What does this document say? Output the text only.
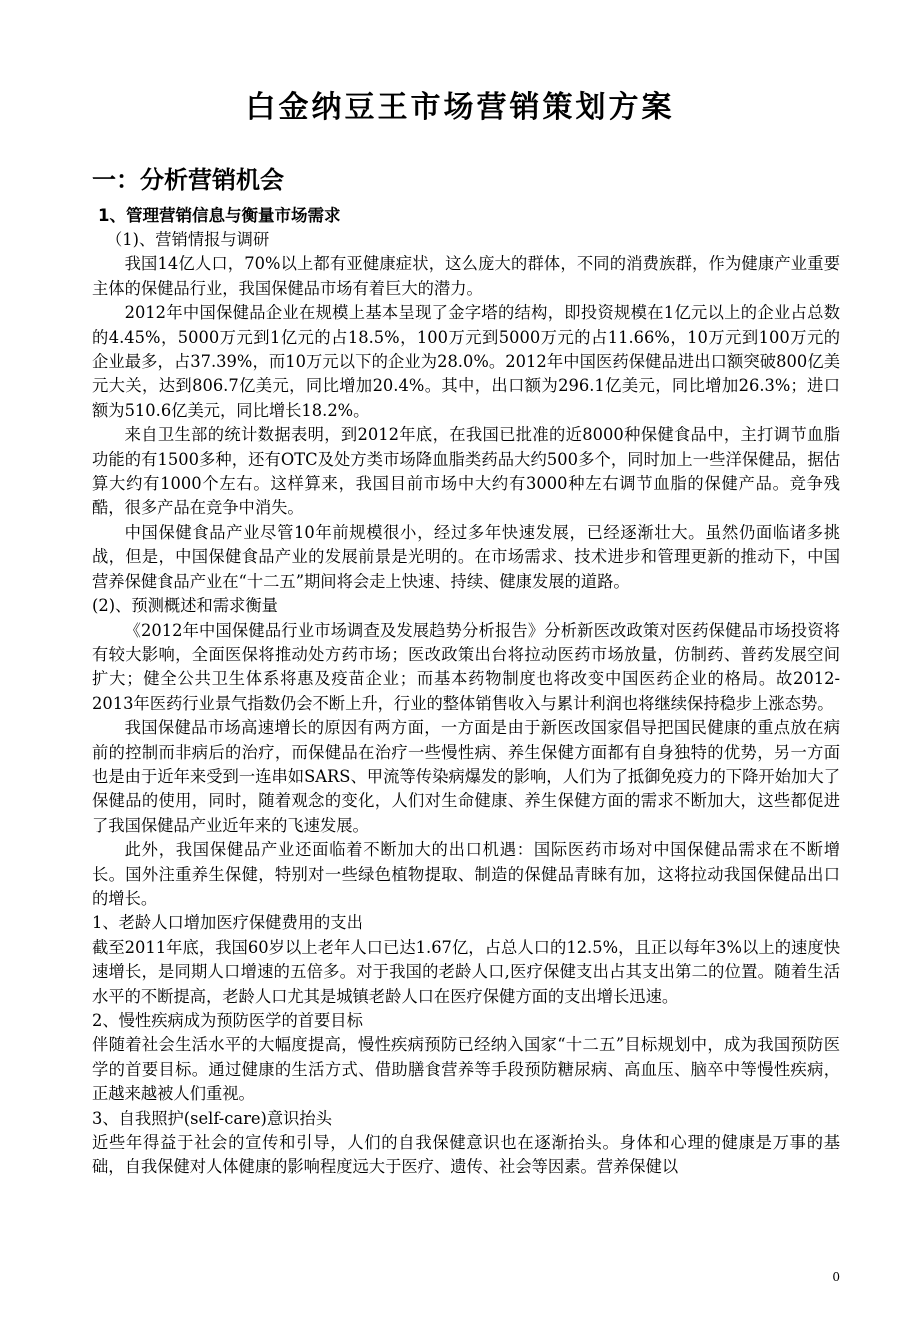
白金纳豆王市场营销策划方案
一：分析营销机会
1、管理营销信息与衡量市场需求

（1)、营销情报与调研

我国14亿人口，70%以上都有亚健康症状，这么庞大的群体，不同的消费族群，作为健康产业重要主体的保健品行业，我国保健品市场有着巨大的潜力。

2012年中国保健品企业在规模上基本呈现了金字塔的结构，即投资规模在1亿元以上的企业占总数的4.45%，5000万元到1亿元的占18.5%，100万元到5000万元的占11.66%，10万元到100万元的企业最多，占37.39%，而10万元以下的企业为28.0%。2012年中国医药保健品进出口额突破800亿美元大关，达到806.7亿美元，同比增加20.4%。其中，出口额为296.1亿美元，同比增加26.3%；进口额为510.6亿美元，同比增长18.2%。

来自卫生部的统计数据表明，到2012年底，在我国已批准的近8000种保健食品中，主打调节血脂功能的有1500多种，还有OTC及处方类市场降血脂类药品大约500多个，同时加上一些洋保健品，据估算大约有1000个左右。这样算来，我国目前市场中大约有3000种左右调节血脂的保健产品。竞争残酷，很多产品在竞争中消失。

中国保健食品产业尽管10年前规模很小，经过多年快速发展，已经逐渐壮大。虽然仍面临诸多挑战，但是，中国保健食品产业的发展前景是光明的。在市场需求、技术进步和管理更新的推动下，中国营养保健食品产业在“十二五”期间将会走上快速、持续、健康发展的道路。

(2)、预测概述和需求衡量

《2012年中国保健品行业市场调查及发展趋势分析报告》分析新医改政策对医药保健品市场投资将有较大影响，全面医保将推动处方药市场；医改政策出台将拉动医药市场放量，仿制药、普药发展空间扩大；健全公共卫生体系将惠及疫苗企业；而基本药物制度也将改变中国医药企业的格局。故2012-2013年医药行业景气指数仍会不断上升，行业的整体销售收入与累计利润也将继续保持稳步上涨态势。

我国保健品市场高速增长的原因有两方面，一方面是由于新医改国家倡导把国民健康的重点放在病前的控制而非病后的治疗，而保健品在治疗一些慢性病、养生保健方面都有自身独特的优势，另一方面也是由于近年来受到一连串如SARS、甲流等传染病爆发的影响，人们为了抵御免疫力的下降开始加大了保健品的使用，同时，随着观念的变化，人们对生命健康、养生保健方面的需求不断加大，这些都促进了我国保健品产业近年来的飞速发展。

此外，我国保健品产业还面临着不断加大的出口机遇：国际医药市场对中国保健品需求在不断增长。国外注重养生保健，特别对一些绿色植物提取、制造的保健品青睐有加，这将拉动我国保健品出口的增长。

1、老龄人口增加医疗保健费用的支出

截至2011年底，我国60岁以上老年人口已达1.67亿，占总人口的12.5%，且正以每年3%以上的速度快速增长，是同期人口增速的五倍多。对于我国的老龄人口,医疗保健支出占其支出第二的位置。随着生活水平的不断提高，老龄人口尤其是城镇老龄人口在医疗保健方面的支出增长迅速。

2、慢性疾病成为预防医学的首要目标

伴随着社会生活水平的大幅度提高，慢性疾病预防已经纳入国家“十二五”目标规划中，成为我国预防医学的首要目标。通过健康的生活方式、借助膳食营养等手段预防糖尿病、高血压、脑卒中等慢性疾病，正越来越被人们重视。

3、自我照护(self-care)意识抬头

近些年得益于社会的宣传和引导，人们的自我保健意识也在逐渐抬头。身体和心理的健康是万事的基础，自我保健对人体健康的影响程度远大于医疗、遗传、社会等因素。营养保健以

0
